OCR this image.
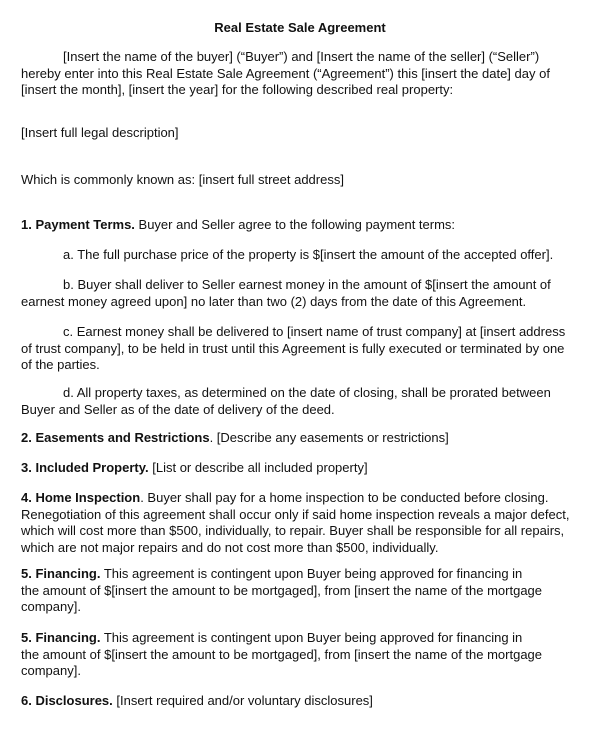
Real Estate Sale Agreement
[Insert the name of the buyer] (“Buyer”) and [Insert the name of the seller] (“Seller”)
hereby enter into this Real Estate Sale Agreement (“Agreement”) this [insert the date] day of
[insert the month], [insert the year] for the following described real property:
[Insert full legal description]
Which is commonly known as: [insert full street address]
1. Payment Terms. Buyer and Seller agree to the following payment terms:
a. The full purchase price of the property is $[insert the amount of the accepted offer].
b. Buyer shall deliver to Seller earnest money in the amount of $[insert the amount of
earnest money agreed upon] no later than two (2) days from the date of this Agreement.
c. Earnest money shall be delivered to [insert name of trust company] at [insert address
of trust company], to be held in trust until this Agreement is fully executed or terminated by one
of the parties.
d. All property taxes, as determined on the date of closing, shall be prorated between
Buyer and Seller as of the date of delivery of the deed.
2. Easements and Restrictions. [Describe any easements or restrictions]
3. Included Property. [List or describe all included property]
4. Home Inspection. Buyer shall pay for a home inspection to be conducted before closing.
Renegotiation of this agreement shall occur only if said home inspection reveals a major defect,
which will cost more than $500, individually, to repair. Buyer shall be responsible for all repairs,
which are not major repairs and do not cost more than $500, individually.
5. Financing. This agreement is contingent upon Buyer being approved for financing in
the amount of $[insert the amount to be mortgaged], from [insert the name of the mortgage
company].
5. Financing. This agreement is contingent upon Buyer being approved for financing in
the amount of $[insert the amount to be mortgaged], from [insert the name of the mortgage
company].
6. Disclosures. [Insert required and/or voluntary disclosures]
